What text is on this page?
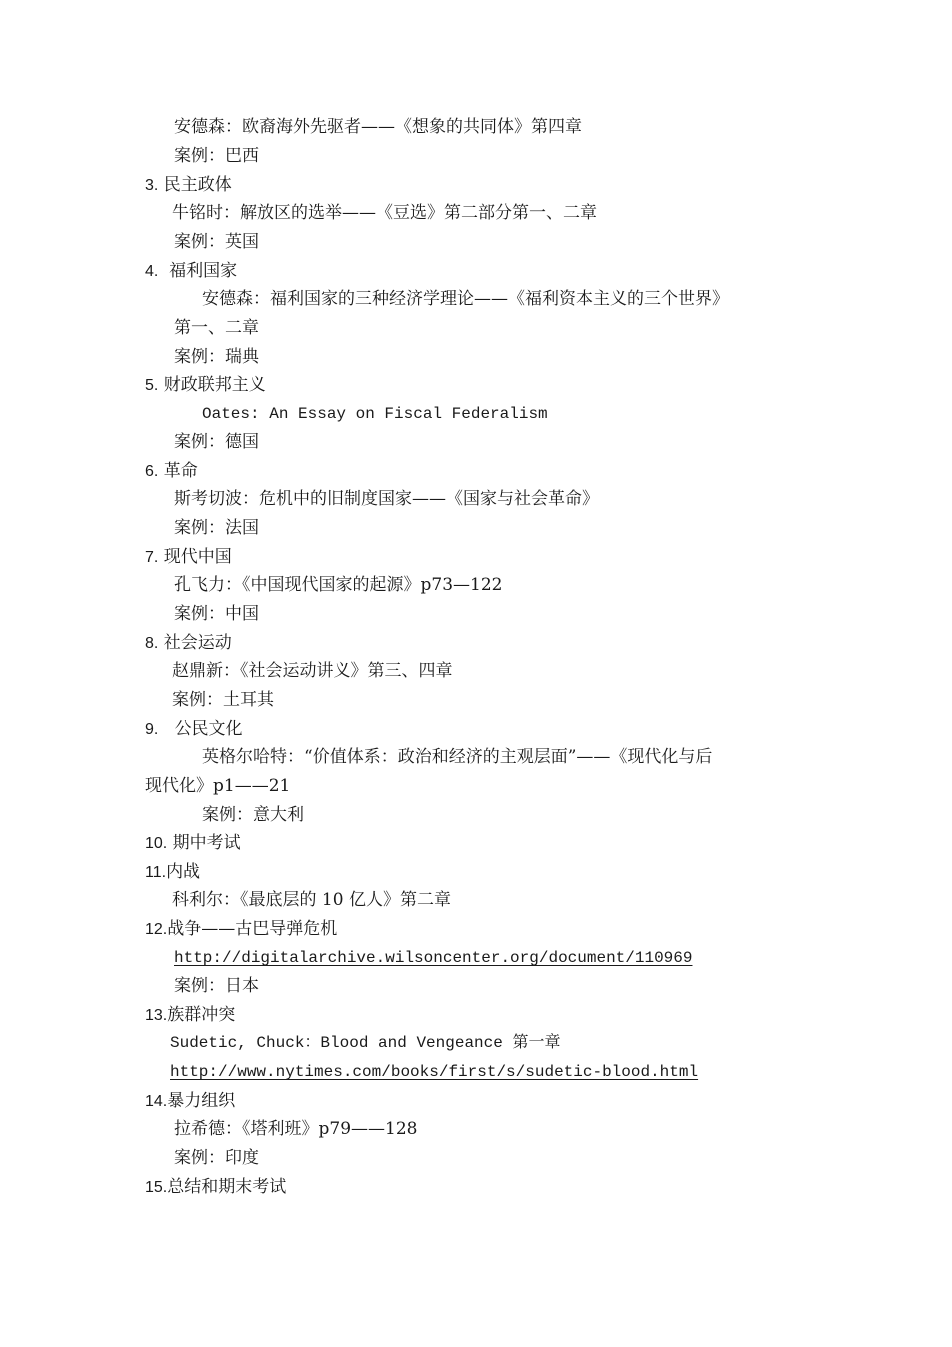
安德森：欧裔海外先驱者——《想象的共同体》第四章
案例：巴西
3. 民主政体
牛铭时：解放区的选举——《豆选》第二部分第一、二章
案例：英国
4. 福利国家
安德森：福利国家的三种经济学理论——《福利资本主义的三个世界》
第一、二章
案例：瑞典
5. 财政联邦主义
Oates: An Essay on Fiscal Federalism
案例：德国
6. 革命
斯考切波：危机中的旧制度国家——《国家与社会革命》
案例：法国
7. 现代中国
孔飞力：《中国现代国家的起源》p73—122
案例：中国
8. 社会运动
赵鼎新：《社会运动讲义》第三、四章
案例：土耳其
9. 公民文化
英格尔哈特：“价值体系：政治和经济的主观层面”——《现代化与后
现代化》p1——21
案例：意大利
10. 期中考试
11.内战
科利尔：《最底层的 10 亿人》第二章
12.战争——古巴导弹危机
http://digitalarchive.wilsoncenter.org/document/110969
案例：日本
13.族群冲突
Sudetic, Chuck：Blood and Vengeance 第一章
http://www.nytimes.com/books/first/s/sudetic-blood.html
14.暴力组织
拉希德：《塔利班》p79——128
案例：印度
15.总结和期末考试
